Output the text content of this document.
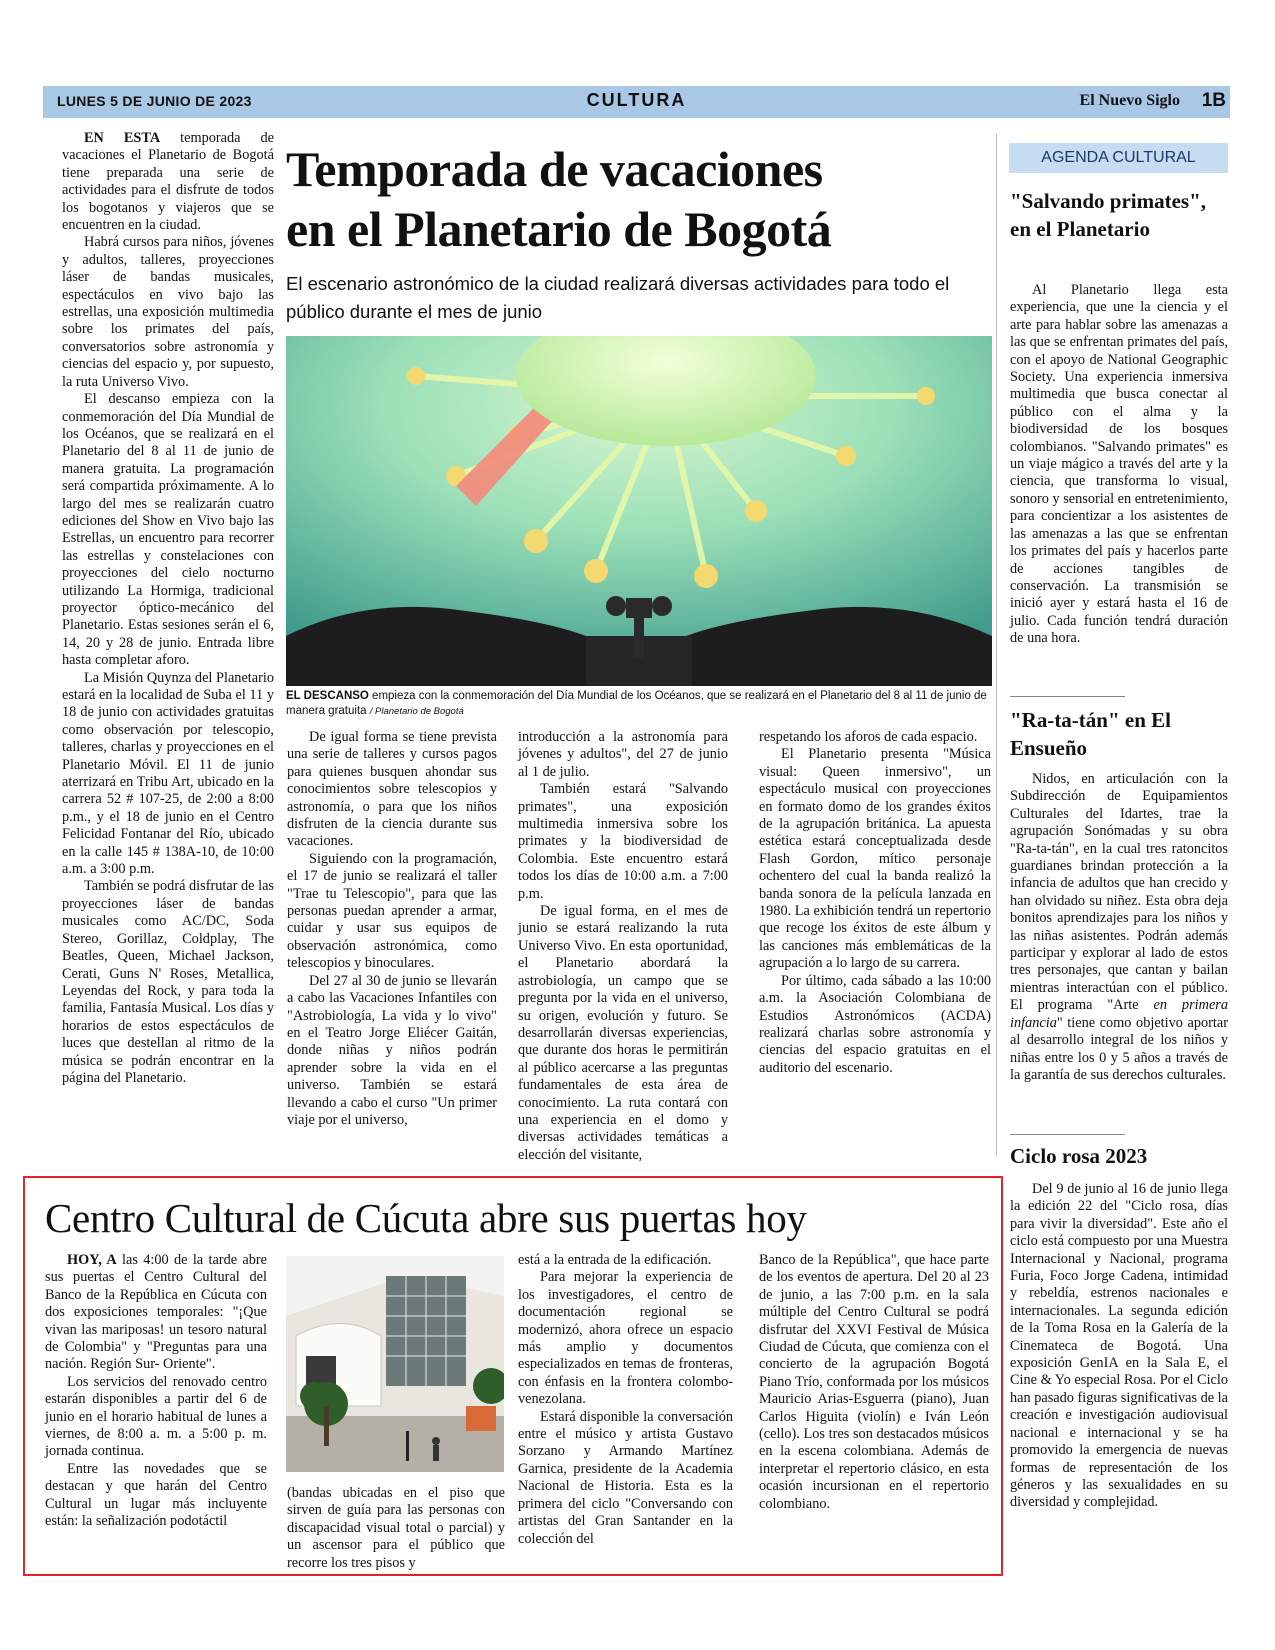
LUNES 5 DE JUNIO DE 2023	CULTURA	El Nuevo Siglo 1B

EN ESTA temporada de vacaciones el Planetario de Bogotá tiene preparada una serie de actividades para el disfrute de todos los bogotanos y viajeros que se encuentren en la ciudad.

Habrá cursos para niños, jóvenes y adultos, talleres, proyecciones láser de bandas musicales, espectáculos en vivo bajo las estrellas, una exposición multimedia sobre los primates del país, conversatorios sobre astronomía y ciencias del espacio y, por supuesto, la ruta Universo Vivo.

El descanso empieza con la conmemoración del Día Mundial de los Océanos, que se realizará en el Planetario del 8 al 11 de junio de manera gratuita. La programación será compartida próximamente. A lo largo del mes se realizarán cuatro ediciones del Show en Vivo bajo las Estrellas, un encuentro para recorrer las estrellas y constelaciones con proyecciones del cielo nocturno utilizando La Hormiga, tradicional proyector óptico-mecánico del Planetario. Estas sesiones serán el 6, 14, 20 y 28 de junio. Entrada libre hasta completar aforo.

La Misión Quynza del Planetario estará en la localidad de Suba el 11 y 18 de junio con actividades gratuitas como observación por telescopio, talleres, charlas y proyecciones en el Planetario Móvil. El 11 de junio aterrizará en Tribu Art, ubicado en la carrera 52 # 107-25, de 2:00 a 8:00 p.m., y el 18 de junio en el Centro Felicidad Fontanar del Río, ubicado en la calle 145 # 138A-10, de 10:00 a.m. a 3:00 p.m.

También se podrá disfrutar de las proyecciones láser de bandas musicales como AC/DC, Soda Stereo, Gorillaz, Coldplay, The Beatles, Queen, Michael Jackson, Cerati, Guns N' Roses, Metallica, Leyendas del Rock, y para toda la familia, Fantasía Musical. Los días y horarios de estos espectáculos de luces que destellan al ritmo de la música se podrán encontrar en la página del Planetario.

Temporada de vacaciones
en el Planetario de Bogotá
El escenario astronómico de la ciudad realizará diversas actividades para todo el público durante el mes de junio
EL DESCANSO empieza con la conmemoración del Día Mundial de los Océanos, que se realizará en el Planetario del 8 al 11 de junio de manera gratuita / Planetario de Bogotá

De igual forma se tiene prevista una serie de talleres y cursos pagos para quienes busquen ahondar sus conocimientos sobre telescopios y astronomía, o para que los niños disfruten de la ciencia durante sus vacaciones.

Siguiendo con la programación, el 17 de junio se realizará el taller "Trae tu Telescopio", para que las personas puedan aprender a armar, cuidar y usar sus equipos de observación astronómica, como telescopios y binoculares.

Del 27 al 30 de junio se llevarán a cabo las Vacaciones Infantiles con "Astrobiología, La vida y lo vivo" en el Teatro Jorge Eliécer Gaitán, donde niñas y niños podrán aprender sobre la vida en el universo. También se estará llevando a cabo el curso "Un primer viaje por el universo,

introducción a la astronomía para jóvenes y adultos", del 27 de junio al 1 de julio.

También estará "Salvando primates", una exposición multimedia inmersiva sobre los primates y la biodiversidad de Colombia. Este encuentro estará todos los días de 10:00 a.m. a 7:00 p.m.

De igual forma, en el mes de junio se estará realizando la ruta Universo Vivo. En esta oportunidad, el Planetario abordará la astrobiología, un campo que se pregunta por la vida en el universo, su origen, evolución y futuro. Se desarrollarán diversas experiencias, que durante dos horas le permitirán al público acercarse a las preguntas fundamentales de esta área de conocimiento. La ruta contará con una experiencia en el domo y diversas actividades temáticas a elección del visitante,

respetando los aforos de cada espacio.

El Planetario presenta "Música visual: Queen inmersivo", un espectáculo musical con proyecciones en formato domo de los grandes éxitos de la agrupación británica. La apuesta estética estará conceptualizada desde Flash Gordon, mítico personaje ochentero del cual la banda realizó la banda sonora de la película lanzada en 1980. La exhibición tendrá un repertorio que recoge los éxitos de este álbum y las canciones más emblemáticas de la agrupación a lo largo de su carrera.

Por último, cada sábado a las 10:00 a.m. la Asociación Colombiana de Estudios Astronómicos (ACDA) realizará charlas sobre astronomía y ciencias del espacio gratuitas en el auditorio del escenario.

AGENDA CULTURAL
"Salvando primates", en el Planetario

Al Planetario llega esta experiencia, que une la ciencia y el arte para hablar sobre las amenazas a las que se enfrentan primates del país, con el apoyo de National Geographic Society. Una experiencia inmersiva multimedia que busca conectar al público con el alma y la biodiversidad de los bosques colombianos. "Salvando primates" es un viaje mágico a través del arte y la ciencia, que transforma lo visual, sonoro y sensorial en entretenimiento, para concientizar a los asistentes de las amenazas a las que se enfrentan los primates del país y hacerlos parte de acciones tangibles de conservación. La transmisión se inició ayer y estará hasta el 16 de julio. Cada función tendrá duración de una hora.

"Ra-ta-tán" en El Ensueño

Nidos, en articulación con la Subdirección de Equipamientos Culturales del Idartes, trae la agrupación Sonómadas y su obra "Ra-ta-tán", en la cual tres ratoncitos guardianes brindan protección a la infancia de adultos que han crecido y han olvidado su niñez. Esta obra deja bonitos aprendizajes para los niños y las niñas asistentes. Podrán además participar y explorar al lado de estos tres personajes, que cantan y bailan mientras interactúan con el público. El programa "Arte en primera infancia" tiene como objetivo aportar al desarrollo integral de los niños y niñas entre los 0 y 5 años a través de la garantía de sus derechos culturales.

Ciclo rosa 2023

Del 9 de junio al 16 de junio llega la edición 22 del "Ciclo rosa, días para vivir la diversidad". Este año el ciclo está compuesto por una Muestra Internacional y Nacional, programa Furia, Foco Jorge Cadena, intimidad y rebeldía, estrenos nacionales e internacionales. La segunda edición de la Toma Rosa en la Galería de la Cinemateca de Bogotá. Una exposición GenIA en la Sala E, el Cine & Yo especial Rosa. Por el Ciclo han pasado figuras significativas de la creación e investigación audiovisual nacional e internacional y se ha promovido la emergencia de nuevas formas de representación de los géneros y las sexualidades en su diversidad y complejidad.

Centro Cultural de Cúcuta abre sus puertas hoy

HOY, A las 4:00 de la tarde abre sus puertas el Centro Cultural del Banco de la República en Cúcuta con dos exposiciones temporales: "¡Que vivan las mariposas! un tesoro natural de Colombia" y "Preguntas para una nación. Región Sur- Oriente".

Los servicios del renovado centro estarán disponibles a partir del 6 de junio en el horario habitual de lunes a viernes, de 8:00 a. m. a 5:00 p. m. jornada continua.

Entre las novedades que se destacan y que harán del Centro Cultural un lugar más incluyente están: la señalización podotáctil

(bandas ubicadas en el piso que sirven de guía para las personas con discapacidad visual total o parcial) y un ascensor para el público que recorre los tres pisos y

está a la entrada de la edificación.

Para mejorar la experiencia de los investigadores, el centro de documentación regional se modernizó, ahora ofrece un espacio más amplio y documentos especializados en temas de fronteras, con énfasis en la frontera colombo-venezolana.

Estará disponible la conversación entre el músico y artista Gustavo Sorzano y Armando Martínez Garnica, presidente de la Academia Nacional de Historia. Esta es la primera del ciclo "Conversando con artistas del Gran Santander en la colección del

Banco de la República", que hace parte de los eventos de apertura. Del 20 al 23 de junio, a las 7:00 p.m. en la sala múltiple del Centro Cultural se podrá disfrutar del XXVI Festival de Música Ciudad de Cúcuta, que comienza con el concierto de la agrupación Bogotá Piano Trío, conformada por los músicos Mauricio Arias-Esguerra (piano), Juan Carlos Higuita (violín) e Iván León (cello). Los tres son destacados músicos en la escena colombiana. Además de interpretar el repertorio clásico, en esta ocasión incursionan en el repertorio colombiano.
